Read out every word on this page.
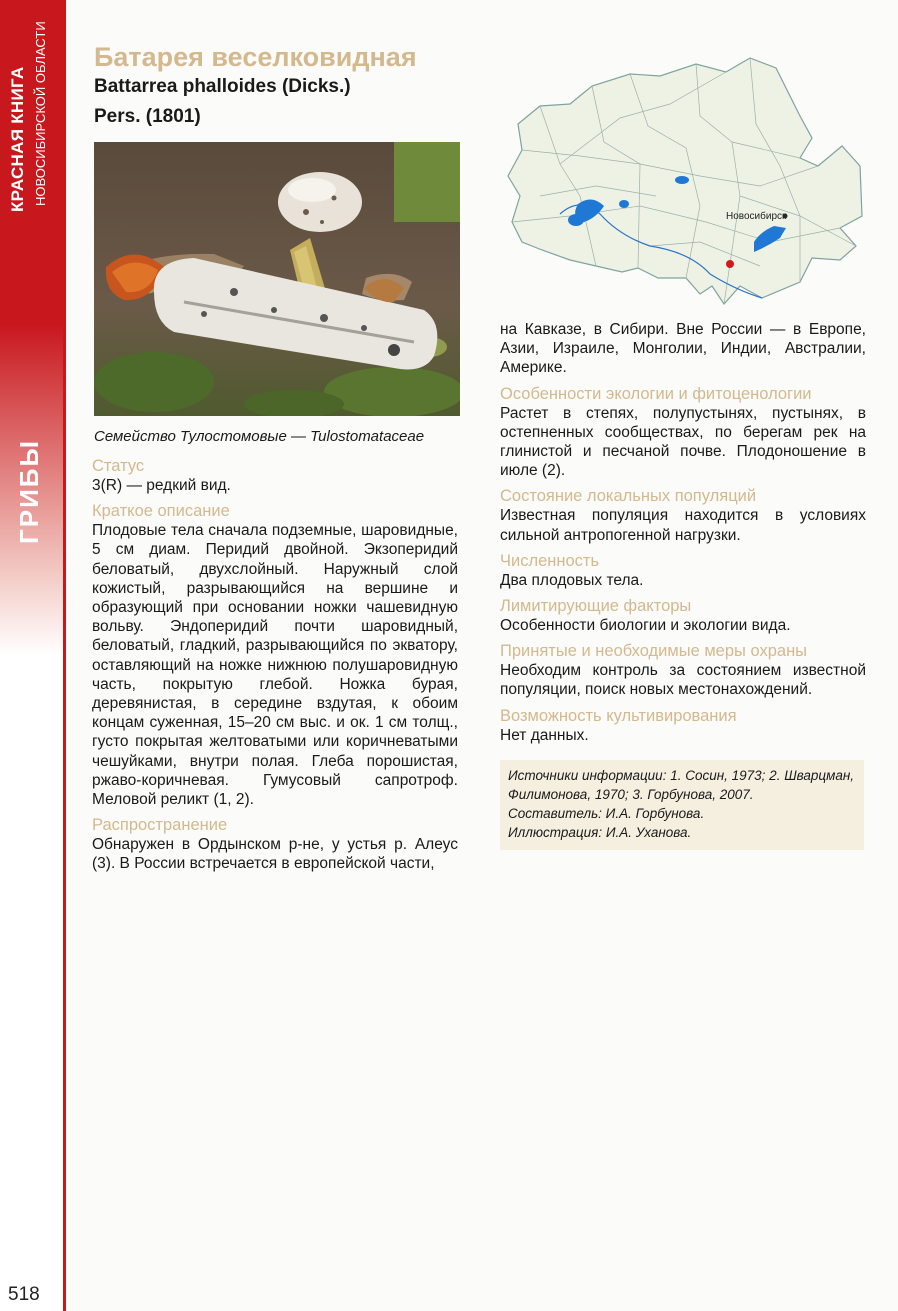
КРАСНАЯ КНИГА НОВОСИБИРСКОЙ ОБЛАСТИ
ГРИБЫ
518
Батарея веселковидная
Battarrea phalloides (Dicks.)
Pers. (1801)
Семейство Тулостомовые — Tulostomataceae
Статус

3(R) — редкий вид.

Краткое описание

Плодовые тела сначала подземные, шаровидные, 5 см диам. Перидий двойной. Экзоперидий беловатый, двухслойный. Наружный слой кожистый, разрывающийся на вершине и образующий при основании ножки чашевидную вольву. Эндоперидий почти шаровидный, беловатый, гладкий, разрывающийся по экватору, оставляющий на ножке нижнюю полушаровидную часть, покрытую глебой. Ножка бурая, деревянистая, в середине вздутая, к обоим концам суженная, 15–20 см выс. и ок. 1 см толщ., густо покрытая желтоватыми или коричневатыми чешуйками, внутри полая. Глеба порошистая, ржаво-коричневая. Гумусовый сапротроф. Меловой реликт (1, 2).

Распространение

Обнаружен в Ордынском р-не, у устья р. Алеус (3). В России встречается в европейской части,

Новосибирск

на Кавказе, в Сибири. Вне России — в Европе, Азии, Израиле, Монголии, Индии, Австралии, Америке.

Особенности экологии и фитоценологии

Растет в степях, полупустынях, пустынях, в остепненных сообществах, по берегам рек на глинистой и песчаной почве. Плодоношение в июле (2).

Состояние локальных популяций

Известная популяция находится в условиях сильной антропогенной нагрузки.

Численность

Два плодовых тела.

Лимитирующие факторы

Особенности биологии и экологии вида.

Принятые и необходимые меры охраны

Необходим контроль за состоянием известной популяции, поиск новых местонахождений.

Возможность культивирования

Нет данных.

Источники информации: 1. Сосин, 1973; 2. Шварцман, Филимонова, 1970; 3. Горбунова, 2007.

Составитель: И.А. Горбунова.

Иллюстрация: И.А. Уханова.
